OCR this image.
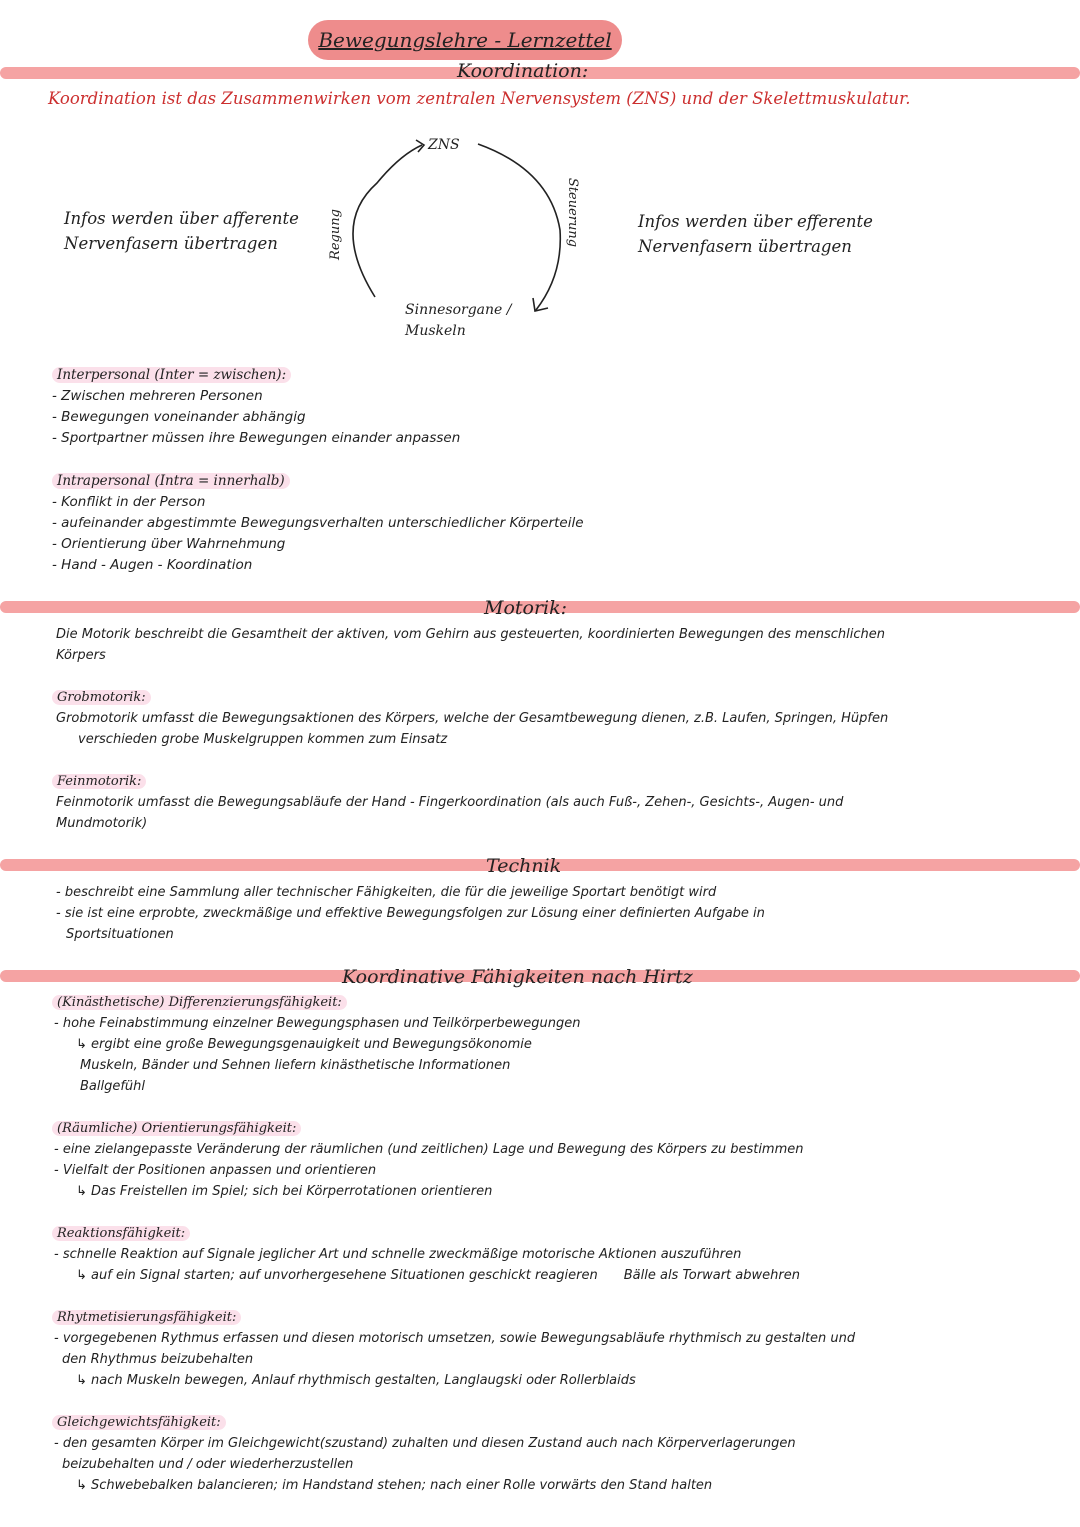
Bewegungslehre - Lernzettel
Koordination:
Koordination ist das Zusammenwirken vom zentralen Nervensystem (ZNS) und der Skelettmuskulatur.
ZNS
Regung	Steuerung
Sinnesorgane /
Muskeln
Infos werden über afferente
Nervenfasern übertragen
Infos werden über efferente
Nervenfasern übertragen
Interpersonal (Inter = zwischen):
- Zwischen mehreren Personen
- Bewegungen voneinander abhängig
- Sportpartner müssen ihre Bewegungen einander anpassen
Intrapersonal (Intra = innerhalb)
- Konflikt in der Person
- aufeinander abgestimmte Bewegungsverhalten unterschiedlicher Körperteile
- Orientierung über Wahrnehmung
- Hand - Augen - Koordination
Motorik:
Die Motorik beschreibt die Gesamtheit der aktiven, vom Gehirn aus gesteuerten, koordinierten Bewegungen des menschlichen
Körpers
Grobmotorik:
Grobmotorik umfasst die Bewegungsaktionen des Körpers, welche der Gesamtbewegung dienen, z.B. Laufen, Springen, Hüpfen
verschieden grobe Muskelgruppen kommen zum Einsatz
Feinmotorik:
Feinmotorik umfasst die Bewegungsabläufe der Hand - Fingerkoordination (als auch Fuß-, Zehen-, Gesichts-, Augen- und
Mundmotorik)
Technik
- beschreibt eine Sammlung aller technischer Fähigkeiten, die für die jeweilige Sportart benötigt wird
- sie ist eine erprobte, zweckmäßige und effektive Bewegungsfolgen zur Lösung einer definierten Aufgabe in
Sportsituationen
Koordinative Fähigkeiten nach Hirtz
(Kinästhetische) Differenzierungsfähigkeit:
- hohe Feinabstimmung einzelner Bewegungsphasen und Teilkörperbewegungen
↳ ergibt eine große Bewegungsgenauigkeit und Bewegungsökonomie
Muskeln, Bänder und Sehnen liefern kinästhetische Informationen
Ballgefühl
(Räumliche) Orientierungsfähigkeit:
- eine zielangepasste Veränderung der räumlichen (und zeitlichen) Lage und Bewegung des Körpers zu bestimmen
- Vielfalt der Positionen anpassen und orientieren
↳ Das Freistellen im Spiel; sich bei Körperrotationen orientieren
Reaktionsfähigkeit:
- schnelle Reaktion auf Signale jeglicher Art und schnelle zweckmäßige motorische Aktionen auszuführen
↳ auf ein Signal starten; auf unvorhergesehene Situationen geschickt reagieren Bälle als Torwart abwehren
Rhytmetisierungsfähigkeit:
- vorgegebenen Rythmus erfassen und diesen motorisch umsetzen, sowie Bewegungsabläufe rhythmisch zu gestalten und
den Rhythmus beizubehalten
↳ nach Muskeln bewegen, Anlauf rhythmisch gestalten, Langlaugski oder Rollerblaids
Gleichgewichtsfähigkeit:
- den gesamten Körper im Gleichgewicht(szustand) zuhalten und diesen Zustand auch nach Körperverlagerungen
beizubehalten und / oder wiederherzustellen
↳ Schwebebalken balancieren; im Handstand stehen; nach einer Rolle vorwärts den Stand halten
